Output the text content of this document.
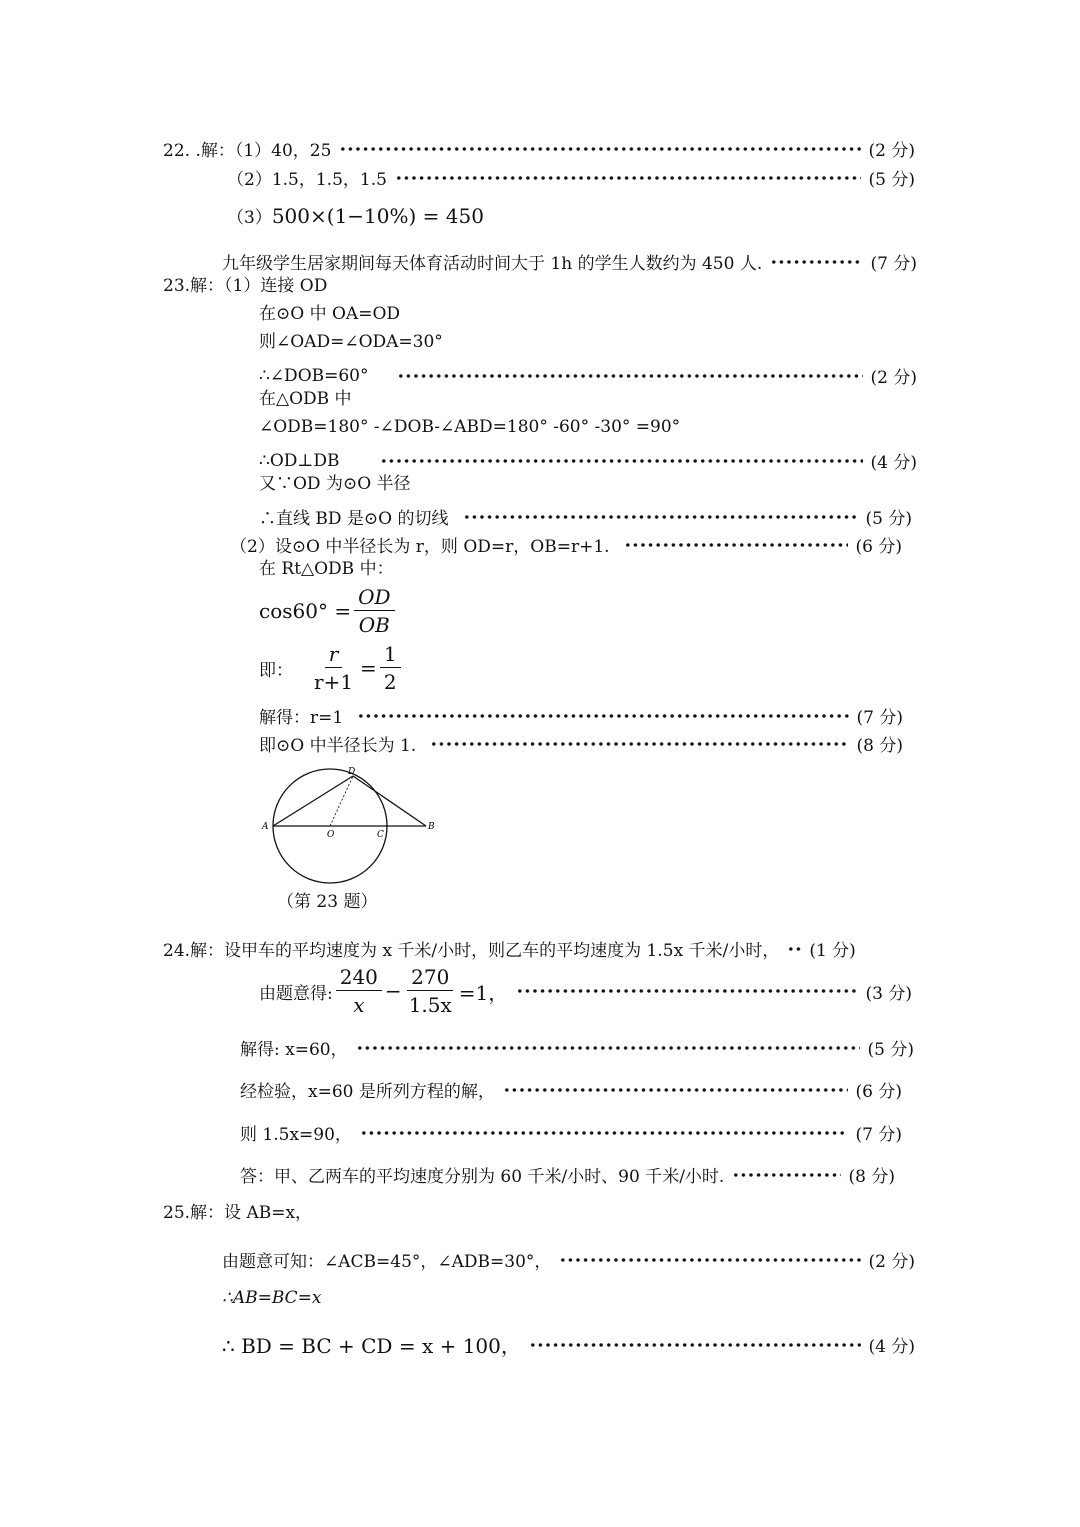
22. .解：（1）40，25	(2 分)
（2）1.5，1.5，1.5	(5 分)
（3） 500×(1−10%) = 450
九年级学生居家期间每天体育活动时间大于 1h 的学生人数约为 450 人.	(7 分)
23.解：（1）连接 OD
在⊙O 中 OA=OD
则∠OAD=∠ODA=30°
∴∠DOB=60°	(2 分)
在△ODB 中
∠ODB=180° -∠DOB-∠ABD=180° -60° -30° =90°
∴OD⊥DB	(4 分)
又∵OD 为⊙O 半径
∴直线 BD 是⊙O 的切线	(5 分)
（2）设⊙O 中半径长为 r，则 OD=r，OB=r+1.	(6 分)
在 Rt△ODB 中：
$\cos 60^\circ = \frac{OD}{OB}$
即： $\frac{r}{r+1} = \frac{1}{2}$
解得：r=1	(7 分)
即⊙O 中半径长为 1.	(8 分)
A
O	C
B
D
（第 23 题）
24.解：设甲车的平均速度为 x 千米/小时，则乙车的平均速度为 1.5x 千米/小时， (1 分)
由题意得: $\frac{240}{x} - \frac{270}{1.5x} =1$，	(3 分)
解得: x=60，	(5 分)
经检验，x=60 是所列方程的解，	(6 分)
则 1.5x=90，	(7 分)
答：甲、乙两车的平均速度分别为 60 千米/小时、90 千米/小时.	(8 分)
25.解：设 AB=x，
由题意可知：∠ACB=45°，∠ADB=30°，	(2 分)
∴AB=BC=x
∴ BD = BC + CD = x + 100，	(4 分)
